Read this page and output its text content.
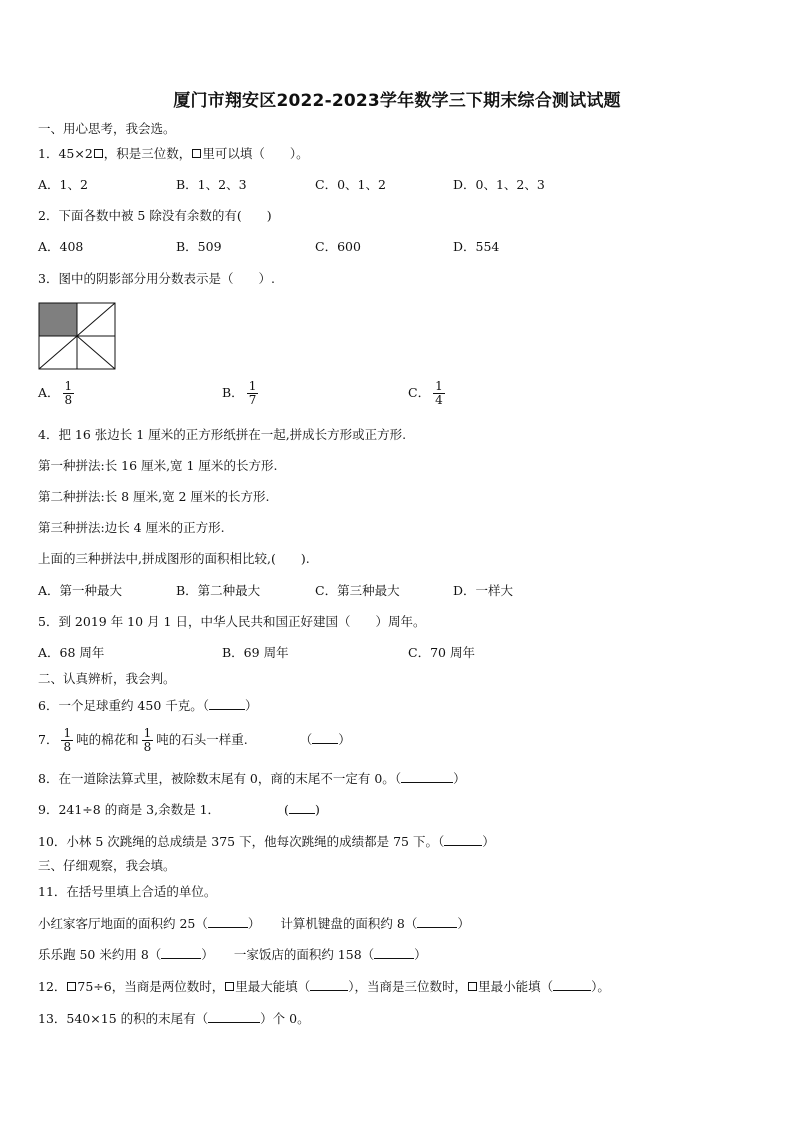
厦门市翔安区2022-2023学年数学三下期末综合测试试题
一、用心思考，我会选。
1．45×2 ，积是三位数， 里可以填（　　）。
A．1、2	B．1、2、3	C．0、1、2	D．0、1、2、3
2．下面各数中被 5 除没有余数的有(　　)
A．408	B．509	C．600	D．554
3．图中的阴影部分用分数表示是（　　）.
A． $\frac{1}{8}$	B． $\frac{1}{7}$	C． $\frac{1}{4}$
4．把 16 张边长 1 厘米的正方形纸拼在一起,拼成长方形或正方形.
第一种拼法:长 16 厘米,宽 1 厘米的长方形.
第二种拼法:长 8 厘米,宽 2 厘米的长方形.
第三种拼法:边长 4 厘米的正方形.
上面的三种拼法中,拼成图形的面积相比较,(　　).
A．第一种最大	B．第二种最大	C．第三种最大	D．一样大
5．到 2019 年 10 月 1 日，中华人民共和国正好建国（　　）周年。
A．68 周年	B．69 周年	C．70 周年
二、认真辨析，我会判。
6．一个足球重约 450 千克。（	）
7． $\frac{1}{8}$ 吨的棉花和 $\frac{1}{8}$ 吨的石头一样重.	（ ）
8．在一道除法算式里，被除数末尾有 0，商的末尾不一定有 0。（	）
9．241÷8 的商是 3,余数是 1．	( )
10．小林 5 次跳绳的总成绩是 375 下，他每次跳绳的成绩都是 75 下。（	）
三、仔细观察，我会填。
11．在括号里填上合适的单位。
小红家客厅地面的面积约 25（	） 计算机键盘的面积约 8（	）
乐乐跑 50 米约用 8（	） 一家饭店的面积约 158（	）
12． 75÷6，当商是两位数时， 里最大能填（	），当商是三位数时， 里最小能填（	）。
13．540×15 的积的末尾有（	）个 0。
